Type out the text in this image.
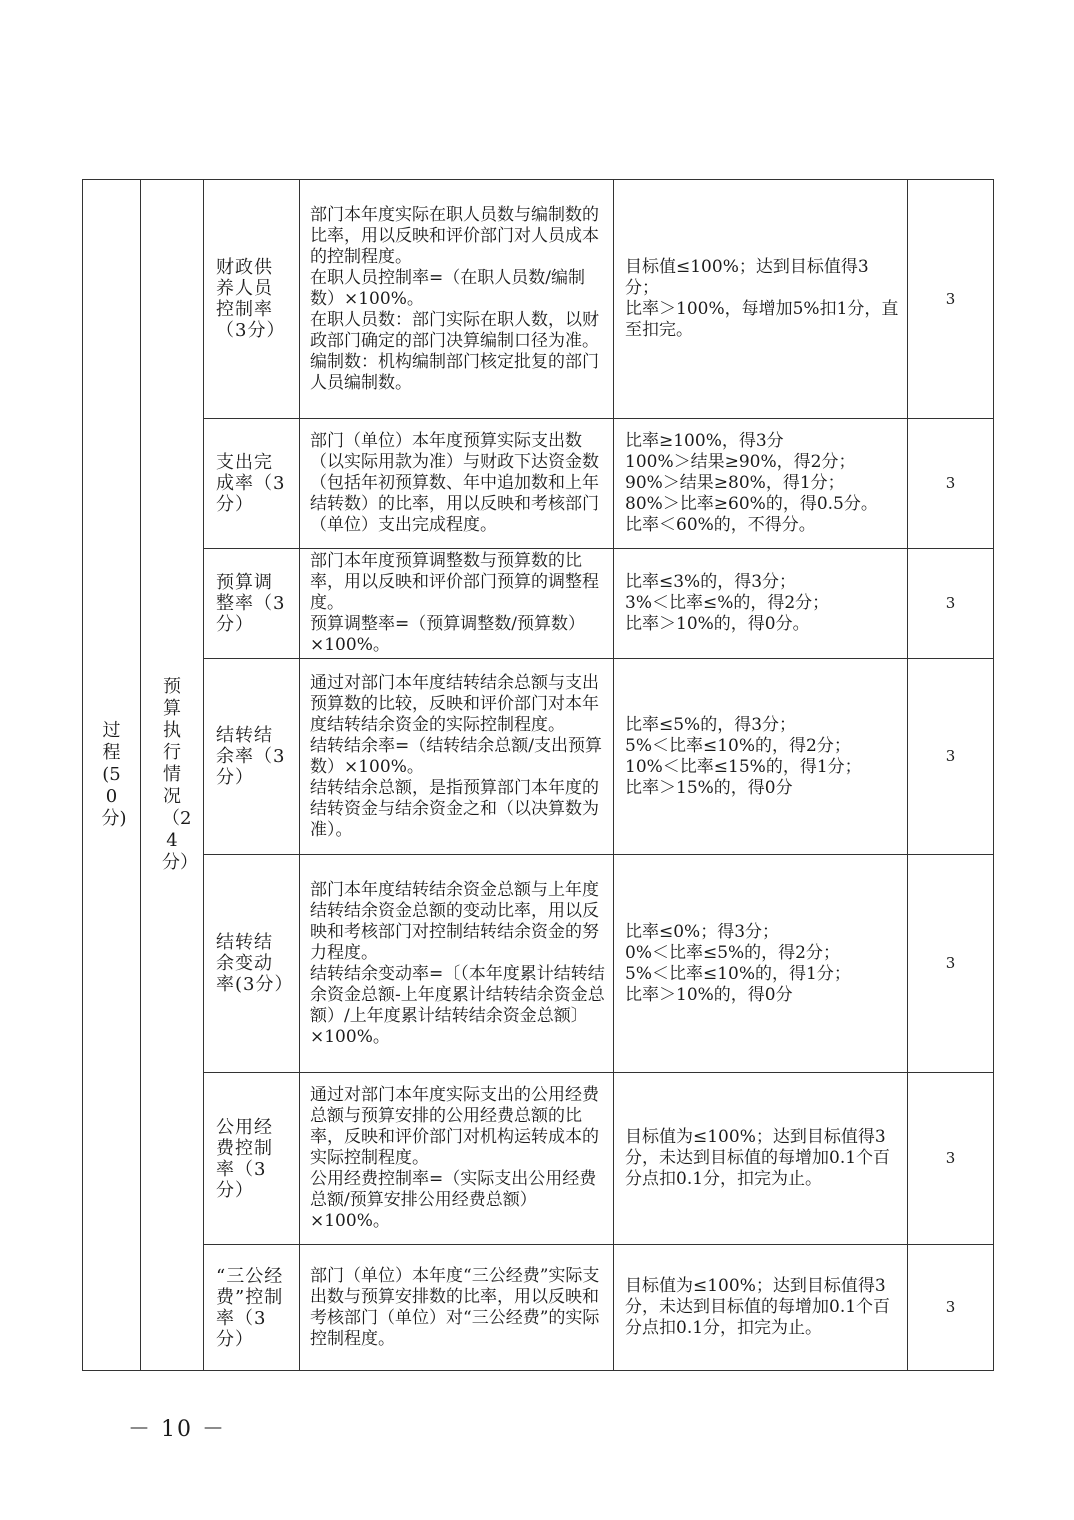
过程(50分)	预算执行情况（24分）	财政供养人员控制率（3分）	部门本年度实际在职人员数与编制数的比率，用以反映和评价部门对人员成本的控制程度。
在职人员控制率=（在职人员数/编制数）×100%。
在职人员数：部门实际在职人数，以财政部门确定的部门决算编制口径为准。
编制数：机构编制部门核定批复的部门人员编制数。	目标值≤100%；达到目标值得3分；
比率＞100%，每增加5%扣1分，直至扣完。	3
		支出完成率（3分）	部门（单位）本年度预算实际支出数（以实际用款为准）与财政下达资金数（包括年初预算数、年中追加数和上年结转数）的比率，用以反映和考核部门（单位）支出完成程度。	比率≥100%，得3分
100%＞结果≥90%，得2分；
90%＞结果≥80%，得1分；
80%＞比率≥60%的，得0.5分。
比率＜60%的，不得分。	3
		预算调整率（3分）	部门本年度预算调整数与预算数的比率，用以反映和评价部门预算的调整程度。
预算调整率=（预算调整数/预算数）×100%。	比率≤3%的，得3分；
3%＜比率≤%的，得2分；
比率＞10%的，得0分。	3
		结转结余率（3分）	通过对部门本年度结转结余总额与支出预算数的比较，反映和评价部门对本年度结转结余资金的实际控制程度。
结转结余率=（结转结余总额/支出预算数）×100%。
结转结余总额，是指预算部门本年度的结转资金与结余资金之和（以决算数为准）。	比率≤5%的，得3分；
5%＜比率≤10%的，得2分；
10%＜比率≤15%的，得1分；
比率＞15%的，得0分	3
		结转结余变动率(3分）	部门本年度结转结余资金总额与上年度结转结余资金总额的变动比率，用以反映和考核部门对控制结转结余资金的努力程度。
结转结余变动率=〔（本年度累计结转结余资金总额-上年度累计结转结余资金总额）/上年度累计结转结余资金总额〕×100%。	比率≤0%；得3分；
0%＜比率≤5%的，得2分；
5%＜比率≤10%的，得1分；
比率＞10%的，得0分	3
		公用经费控制率（3分）	通过对部门本年度实际支出的公用经费总额与预算安排的公用经费总额的比率，反映和评价部门对机构运转成本的实际控制程度。
公用经费控制率=（实际支出公用经费总额/预算安排公用经费总额）×100%。	目标值为≤100%；达到目标值得3分，未达到目标值的每增加0.1个百分点扣0.1分，扣完为止。	3
		“三公经费”控制率（3分）	部门（单位）本年度“三公经费”实际支出数与预算安排数的比率，用以反映和考核部门（单位）对“三公经费”的实际控制程度。	目标值为≤100%；达到目标值得3分，未达到目标值的每增加0.1个百分点扣0.1分，扣完为止。	3
－ 10 －
